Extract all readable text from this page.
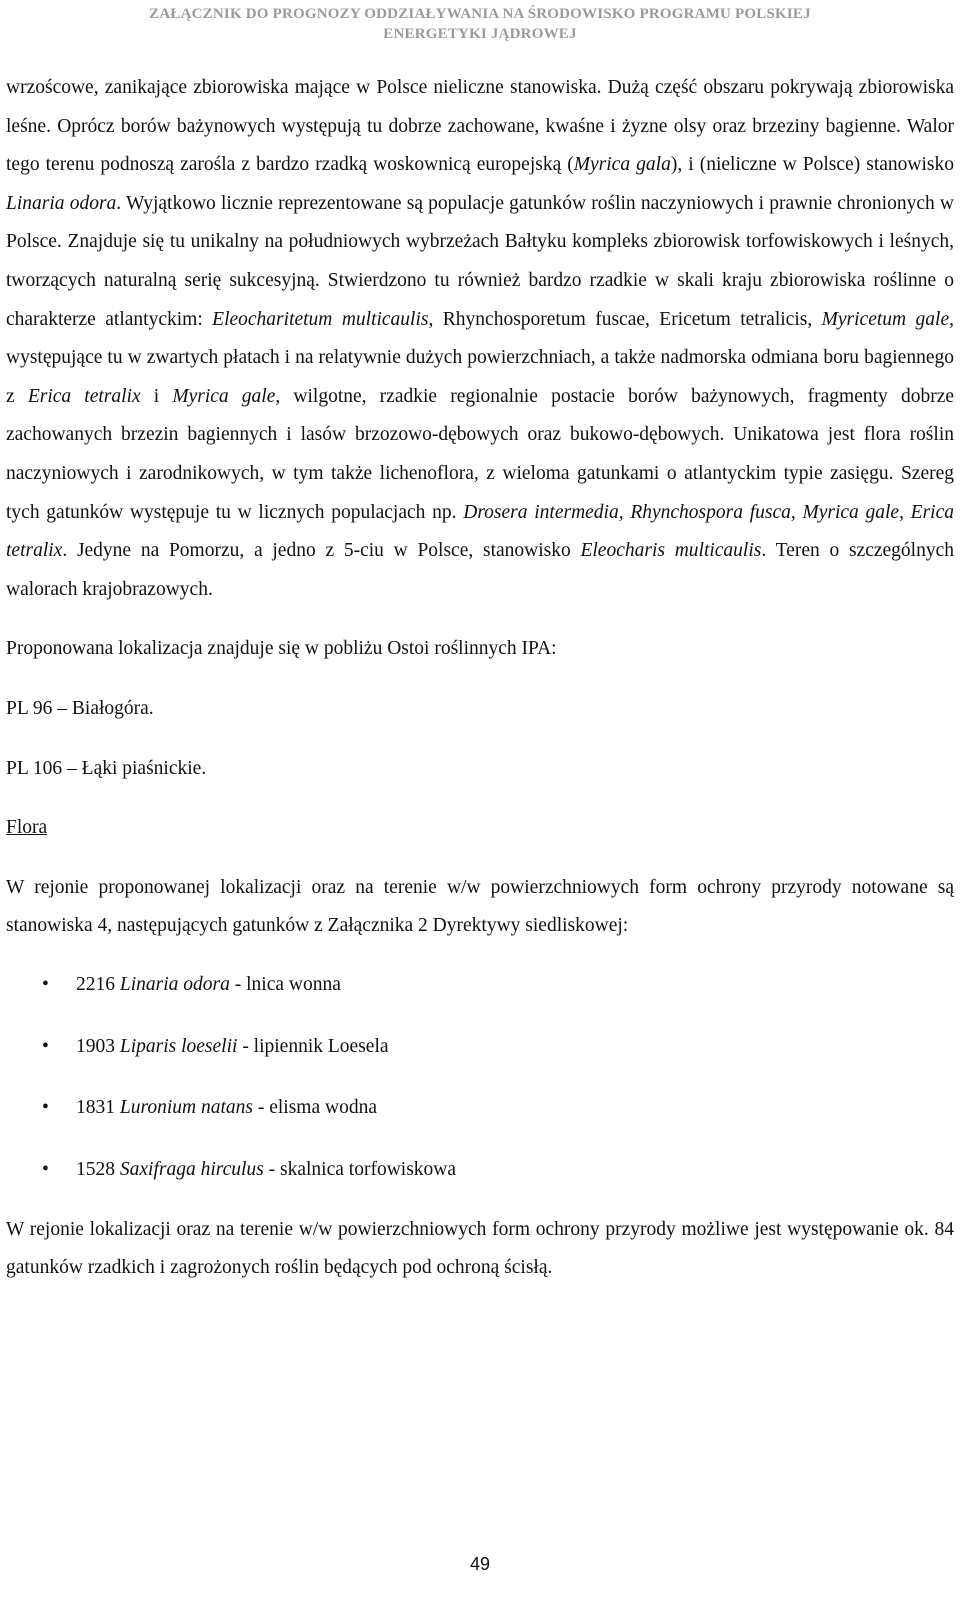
ZAŁĄCZNIK DO PROGNOZY ODDZIAŁYWANIA NA ŚRODOWISKO PROGRAMU POLSKIEJ
ENERGETYKI JĄDROWEJ

wrzoścowe, zanikające zbiorowiska mające w Polsce nieliczne stanowiska. Dużą część obszaru pokrywają zbiorowiska leśne. Oprócz borów bażynowych występują tu dobrze zachowane, kwaśne i żyzne olsy oraz brzeziny bagienne. Walor tego terenu podnoszą zarośla z bardzo rzadką woskownicą europejską (Myrica gala), i (nieliczne w Polsce) stanowisko Linaria odora. Wyjątkowo licznie reprezentowane są populacje gatunków roślin naczyniowych i prawnie chronionych w Polsce. Znajduje się tu unikalny na południowych wybrzeżach Bałtyku kompleks zbiorowisk torfowiskowych i leśnych, tworzących naturalną serię sukcesyjną. Stwierdzono tu również bardzo rzadkie w skali kraju zbiorowiska roślinne o charakterze atlantyckim: Eleocharitetum multicaulis, Rhynchosporetum fuscae, Ericetum tetralicis, Myricetum gale, występujące tu w zwartych płatach i na relatywnie dużych powierzchniach, a także nadmorska odmiana boru bagiennego z Erica tetralix i Myrica gale, wilgotne, rzadkie regionalnie postacie borów bażynowych, fragmenty dobrze zachowanych brzezin bagiennych i lasów brzozowo-dębowych oraz bukowo-dębowych. Unikatowa jest flora roślin naczyniowych i zarodnikowych, w tym także lichenoflora, z wieloma gatunkami o atlantyckim typie zasięgu. Szereg tych gatunków występuje tu w licznych populacjach np. Drosera intermedia, Rhynchospora fusca, Myrica gale, Erica tetralix. Jedyne na Pomorzu, a jedno z 5-ciu w Polsce, stanowisko Eleocharis multicaulis. Teren o szczególnych walorach krajobrazowych.

Proponowana lokalizacja znajduje się w pobliżu Ostoi roślinnych IPA:

PL 96 – Białogóra.

PL 106 – Łąki piaśnickie.

Flora

W rejonie proponowanej lokalizacji oraz na terenie w/w powierzchniowych form ochrony przyrody notowane są stanowiska 4, następujących gatunków z Załącznika 2 Dyrektywy siedliskowej:

• 2216 Linaria odora - lnica wonna
• 1903 Liparis loeselii - lipiennik Loesela
• 1831 Luronium natans - elisma wodna
• 1528 Saxifraga hirculus - skalnica torfowiskowa

W rejonie lokalizacji oraz na terenie w/w powierzchniowych form ochrony przyrody możliwe jest występowanie ok. 84 gatunków rzadkich i zagrożonych roślin będących pod ochroną ścisłą.

49
